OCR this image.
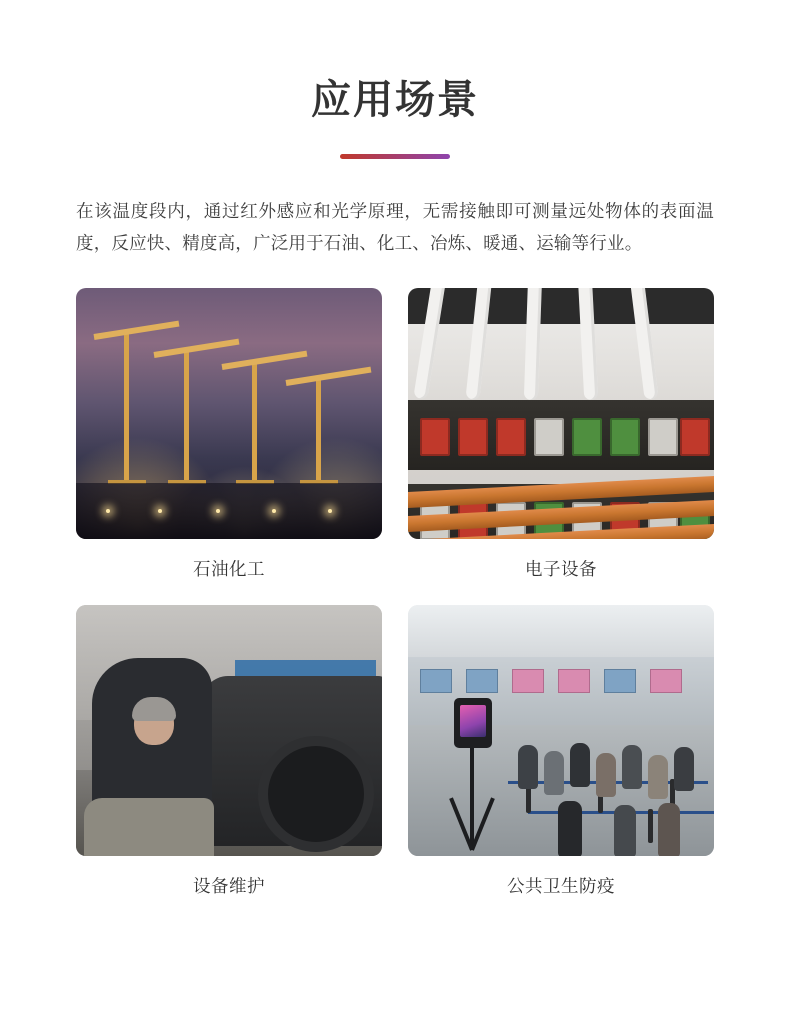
应用场景
在该温度段内，通过红外感应和光学原理，无需接触即可测量远处物体的表面温度，反应快、精度高，广泛用于石油、化工、冶炼、暖通、运输等行业。
石油化工	电子设备
设备维护	公共卫生防疫
